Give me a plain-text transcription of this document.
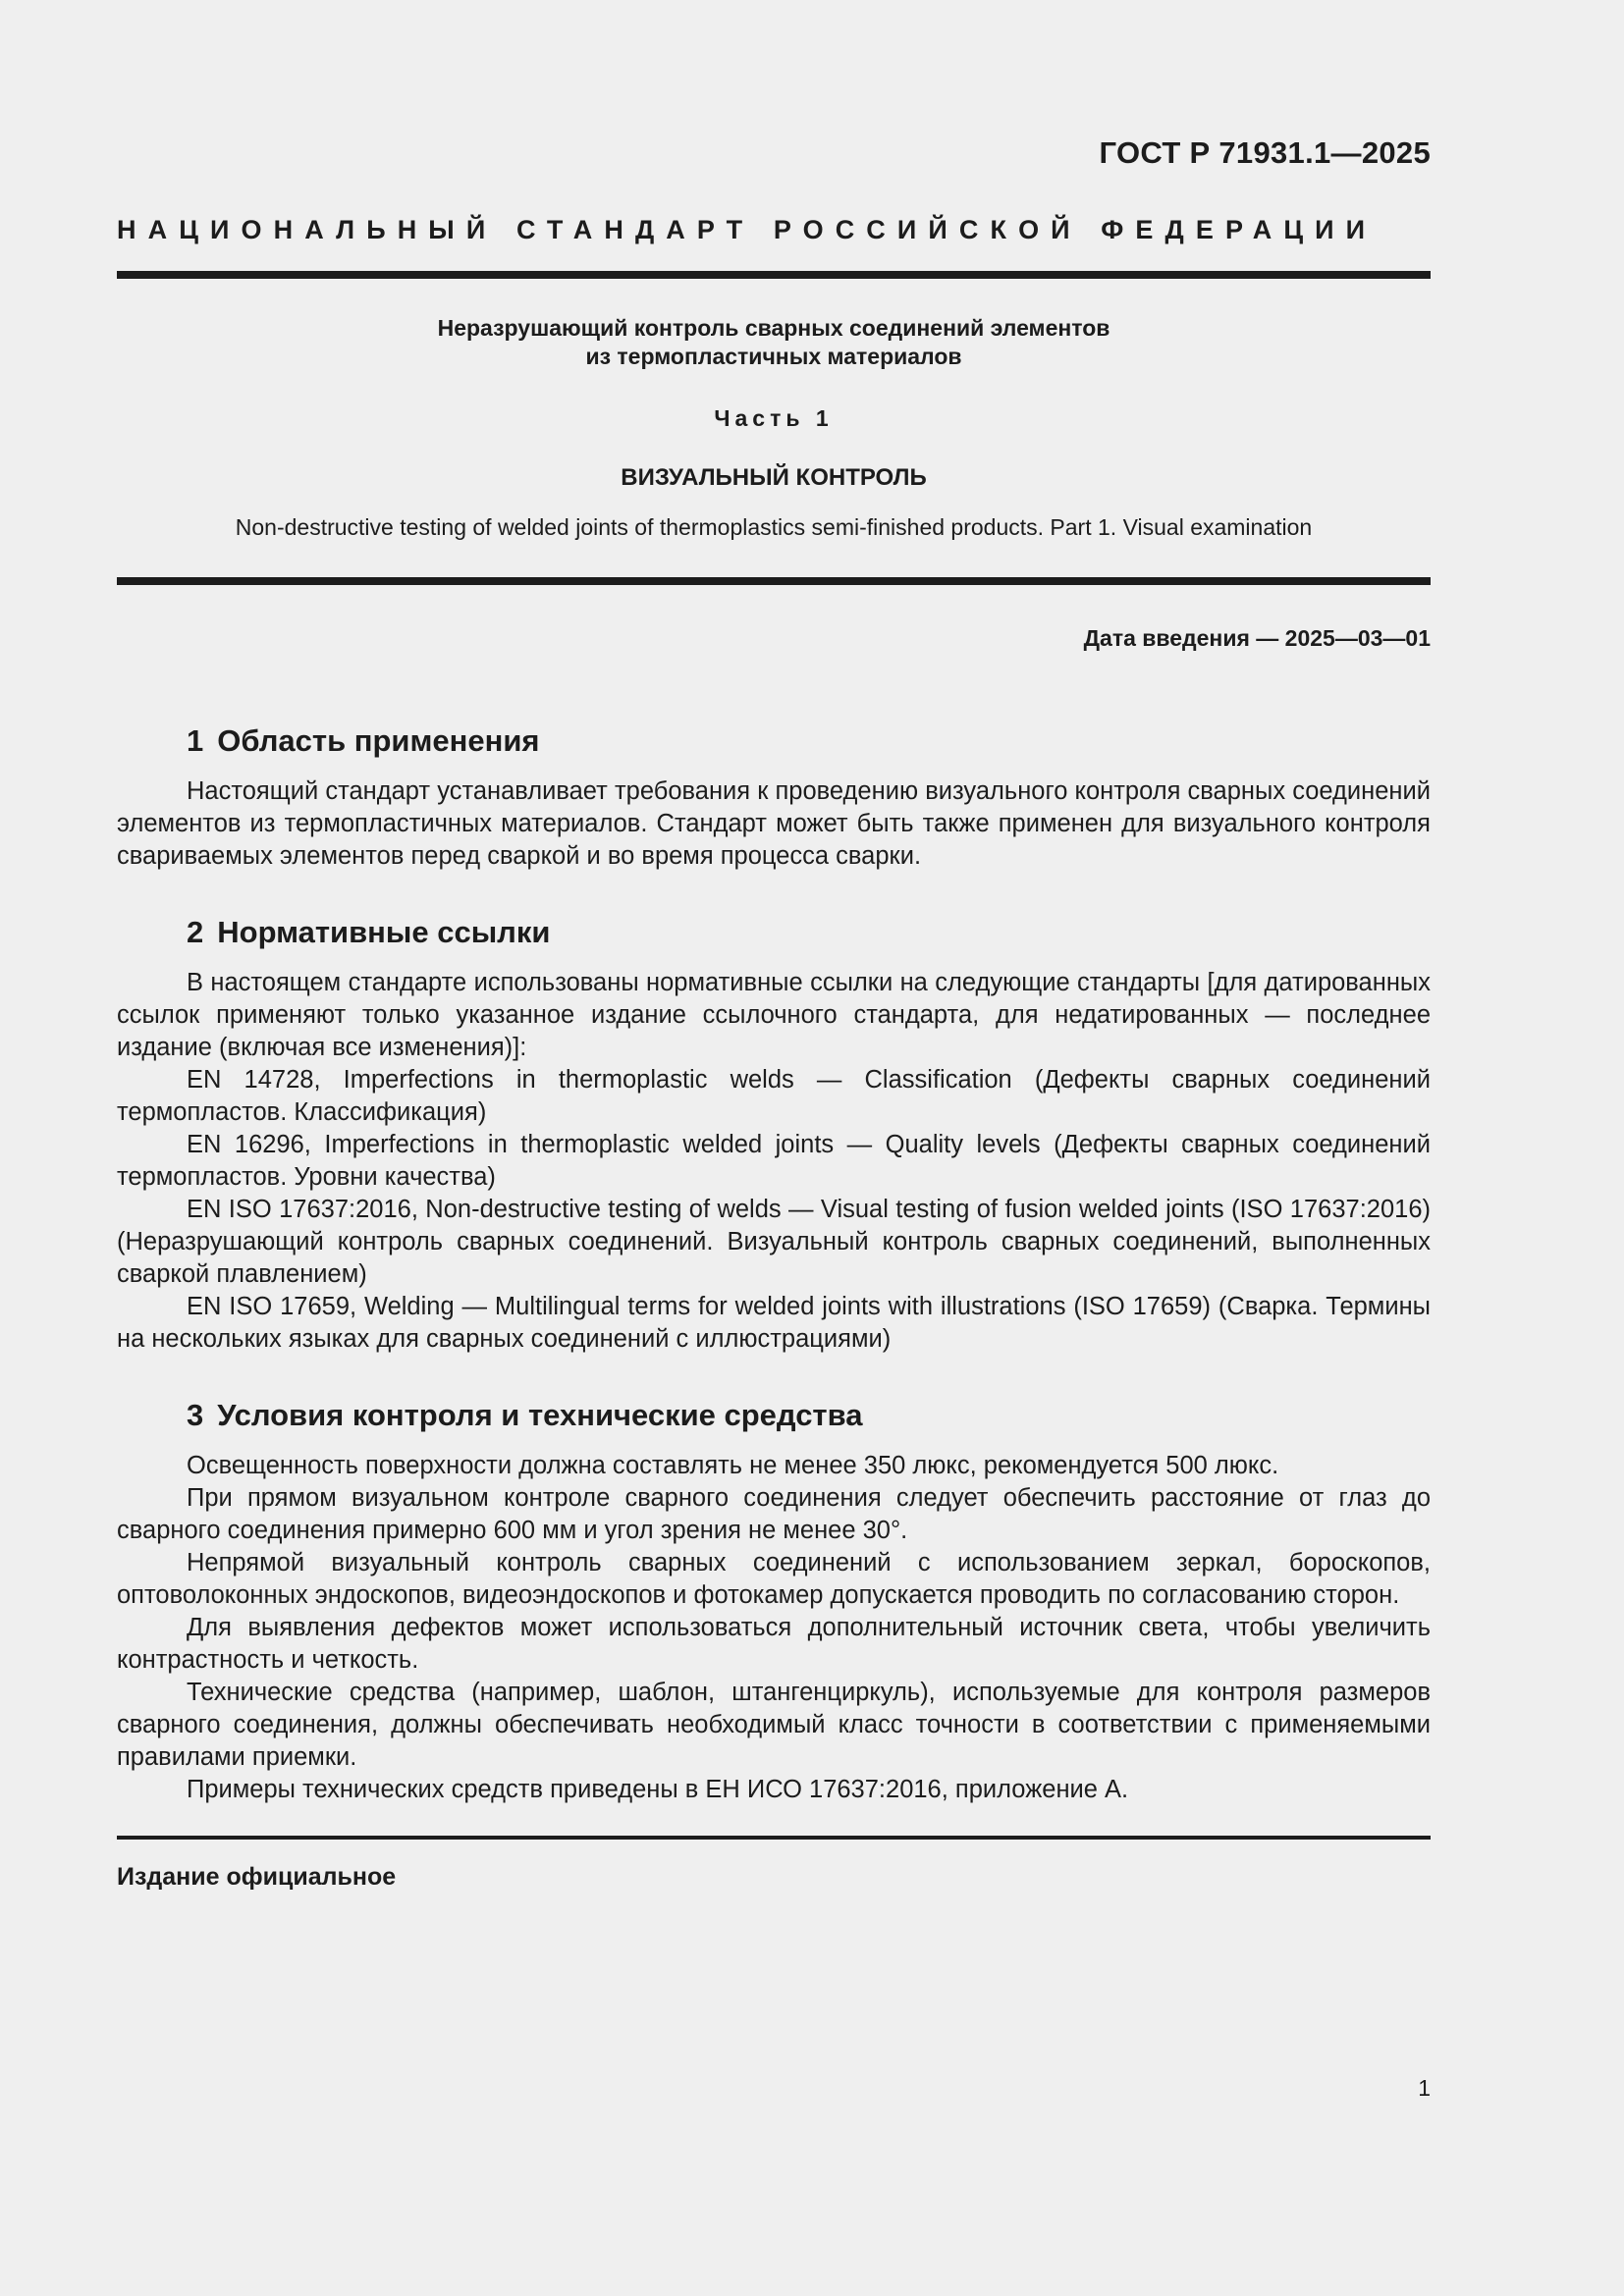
ГОСТ Р 71931.1—2025
НАЦИОНАЛЬНЫЙ СТАНДАРТ РОССИЙСКОЙ ФЕДЕРАЦИИ
Неразрушающий контроль сварных соединений элементов
из термопластичных материалов
Часть 1
ВИЗУАЛЬНЫЙ КОНТРОЛЬ
Non-destructive testing of welded joints of thermoplastics semi-finished products. Part 1. Visual examination
Дата введения — 2025—03—01
1 Область применения

Настоящий стандарт устанавливает требования к проведению визуального контроля сварных соединений элементов из термопластичных материалов. Стандарт может быть также применен для визуального контроля свариваемых элементов перед сваркой и во время процесса сварки.

2 Нормативные ссылки

В настоящем стандарте использованы нормативные ссылки на следующие стандарты [для датированных ссылок применяют только указанное издание ссылочного стандарта, для недатированных — последнее издание (включая все изменения)]:

EN 14728, Imperfections in thermoplastic welds — Classification (Дефекты сварных соединений термопластов. Классификация)

EN 16296, Imperfections in thermoplastic welded joints — Quality levels (Дефекты сварных соединений термопластов. Уровни качества)

EN ISO 17637:2016, Non-destructive testing of welds — Visual testing of fusion welded joints (ISO 17637:2016) (Неразрушающий контроль сварных соединений. Визуальный контроль сварных соединений, выполненных сваркой плавлением)

EN ISO 17659, Welding — Multilingual terms for welded joints with illustrations (ISO 17659) (Сварка. Термины на нескольких языках для сварных соединений с иллюстрациями)

3 Условия контроля и технические средства

Освещенность поверхности должна составлять не менее 350 люкс, рекомендуется 500 люкс.

При прямом визуальном контроле сварного соединения следует обеспечить расстояние от глаз до сварного соединения примерно 600 мм и угол зрения не менее 30°.

Непрямой визуальный контроль сварных соединений с использованием зеркал, бороскопов, оптоволоконных эндоскопов, видеоэндоскопов и фотокамер допускается проводить по согласованию сторон.

Для выявления дефектов может использоваться дополнительный источник света, чтобы увеличить контрастность и четкость.

Технические средства (например, шаблон, штангенциркуль), используемые для контроля размеров сварного соединения, должны обеспечивать необходимый класс точности в соответствии с применяемыми правилами приемки.

Примеры технических средств приведены в ЕН ИСО 17637:2016, приложение А.

Издание официальное
1
